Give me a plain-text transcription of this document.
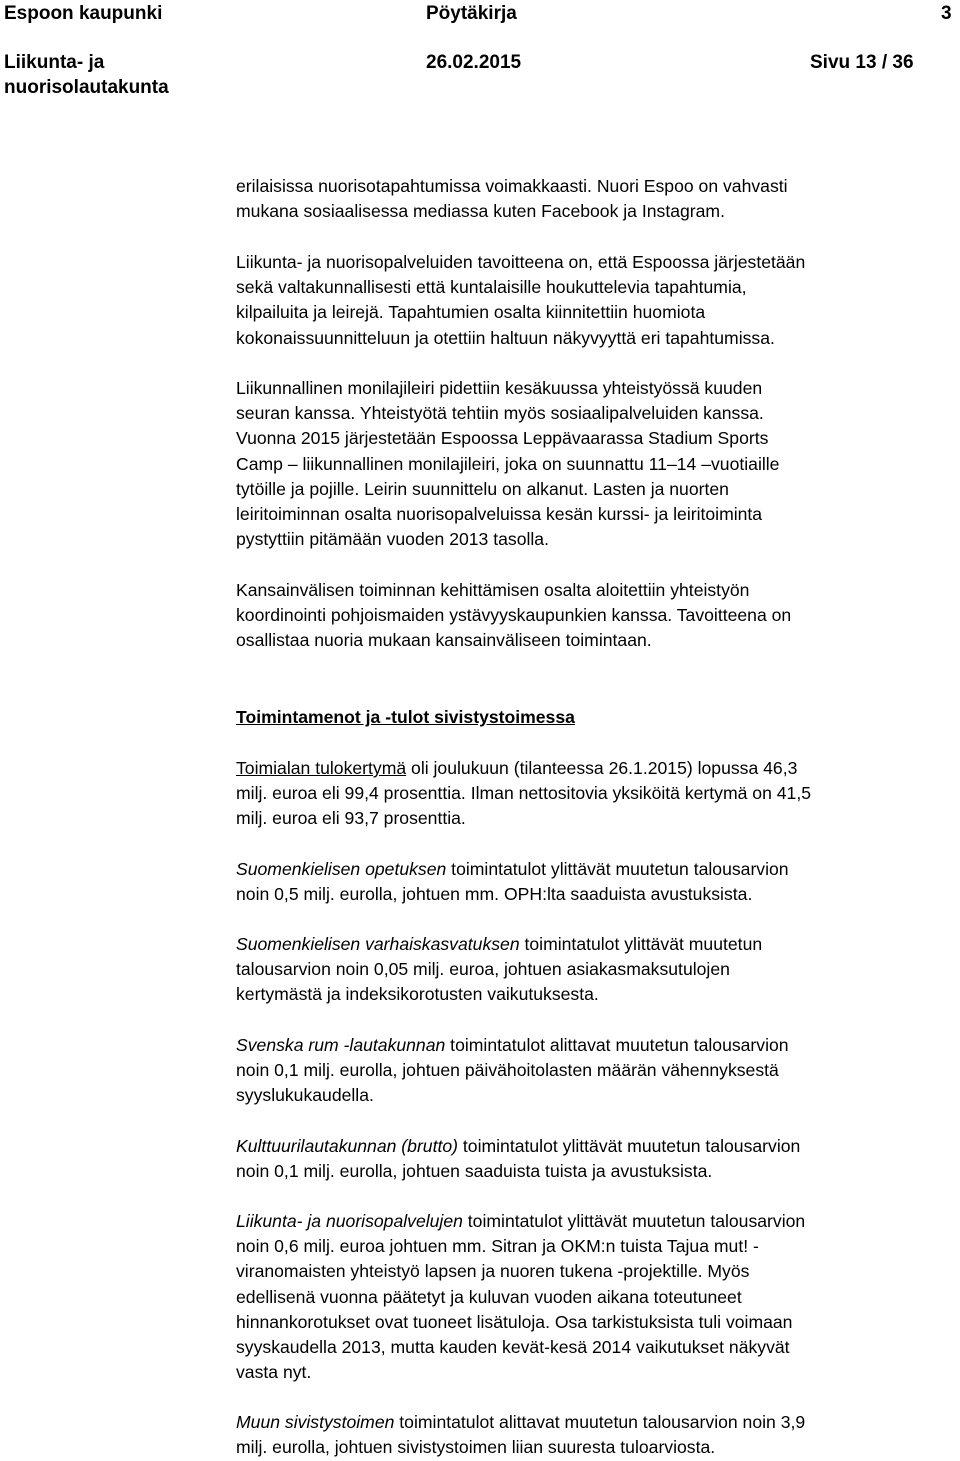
Espoon kaupunki	Pöytäkirja	3
Liikunta- ja
nuorisolautakunta
26.02.2015	Sivu 13 / 36

erilaisissa nuorisotapahtumissa voimakkaasti. Nuori Espoo on vahvasti
mukana sosiaalisessa mediassa kuten Facebook ja Instagram.

Liikunta- ja nuorisopalveluiden tavoitteena on, että Espoossa järjestetään
sekä valtakunnallisesti että kuntalaisille houkuttelevia tapahtumia,
kilpailuita ja leirejä. Tapahtumien osalta kiinnitettiin huomiota
kokonaissuunnitteluun ja otettiin haltuun näkyvyyttä eri tapahtumissa.

Liikunnallinen monilajileiri pidettiin kesäkuussa yhteistyössä kuuden
seuran kanssa. Yhteistyötä tehtiin myös sosiaalipalveluiden kanssa.
Vuonna 2015 järjestetään Espoossa Leppävaarassa Stadium Sports
Camp – liikunnallinen monilajileiri, joka on suunnattu 11–14 –vuotiaille
tytöille ja pojille. Leirin suunnittelu on alkanut. Lasten ja nuorten
leiritoiminnan osalta nuorisopalveluissa kesän kurssi- ja leiritoiminta
pystyttiin pitämään vuoden 2013 tasolla.

Kansainvälisen toiminnan kehittämisen osalta aloitettiin yhteistyön
koordinointi pohjoismaiden ystävyyskaupunkien kanssa. Tavoitteena on
osallistaa nuoria mukaan kansainväliseen toimintaan.

Toimintamenot ja -tulot sivistystoimessa

Toimialan tulokertymä oli joulukuun (tilanteessa 26.1.2015) lopussa 46,3
milj. euroa eli 99,4 prosenttia. Ilman nettositovia yksiköitä kertymä on 41,5
milj. euroa eli 93,7 prosenttia.

Suomenkielisen opetuksen toimintatulot ylittävät muutetun talousarvion
noin 0,5 milj. eurolla, johtuen mm. OPH:lta saaduista avustuksista.

Suomenkielisen varhaiskasvatuksen toimintatulot ylittävät muutetun
talousarvion noin 0,05 milj. euroa, johtuen asiakasmaksutulojen
kertymästä ja indeksikorotusten vaikutuksesta.

Svenska rum -lautakunnan toimintatulot alittavat muutetun talousarvion
noin 0,1 milj. eurolla, johtuen päivähoitolasten määrän vähennyksestä
syyslukukaudella.

Kulttuurilautakunnan (brutto) toimintatulot ylittävät muutetun talousarvion
noin 0,1 milj. eurolla, johtuen saaduista tuista ja avustuksista.

Liikunta- ja nuorisopalvelujen toimintatulot ylittävät muutetun talousarvion
noin 0,6 milj. euroa johtuen mm. Sitran ja OKM:n tuista Tajua mut! -
viranomaisten yhteistyö lapsen ja nuoren tukena -projektille. Myös
edellisenä vuonna päätetyt ja kuluvan vuoden aikana toteutuneet
hinnankorotukset ovat tuoneet lisätuloja. Osa tarkistuksista tuli voimaan
syyskaudella 2013, mutta kauden kevät-kesä 2014 vaikutukset näkyvät
vasta nyt.

Muun sivistystoimen toimintatulot alittavat muutetun talousarvion noin 3,9
milj. eurolla, johtuen sivistystoimen liian suuresta tuloarviosta.
